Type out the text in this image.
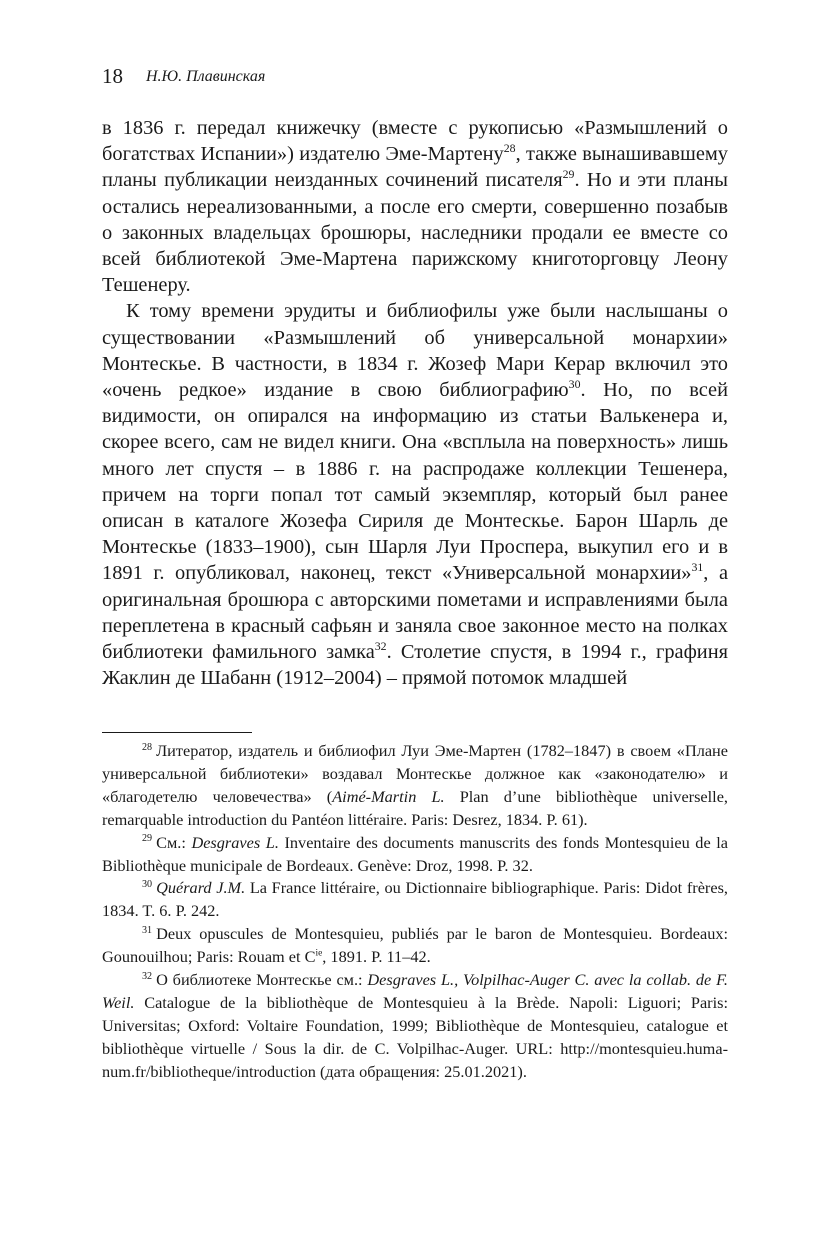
18 Н.Ю. Плавинская

в 1836 г. передал книжечку (вместе с рукописью «Размышлений о богатствах Испании») издателю Эме-Мартену$^{28}$, также вынашивавшему планы публикации неизданных сочинений писателя$^{29}$. Но и эти планы остались нереализованными, а после его смерти, совершенно позабыв о законных владельцах брошюры, наследники продали ее вместе со всей библиотекой Эме-Мартена парижскому книготорговцу Леону Тешенеру.

К тому времени эрудиты и библиофилы уже были наслышаны о существовании «Размышлений об универсальной монархии» Монтескье. В частности, в 1834 г. Жозеф Мари Керар включил это «очень редкое» издание в свою библиографию$^{30}$. Но, по всей видимости, он опирался на информацию из статьи Валькенера и, скорее всего, сам не видел книги. Она «всплыла на поверхность» лишь много лет спустя – в 1886 г. на распродаже коллекции Тешенера, причем на торги попал тот самый экземпляр, который был ранее описан в каталоге Жозефа Сириля де Монтескье. Барон Шарль де Монтескье (1833–1900), сын Шарля Луи Проспера, выкупил его и в 1891 г. опубликовал, наконец, текст «Универсальной монархии»$^{31}$, а оригинальная брошюра с авторскими пометами и исправлениями была переплетена в красный сафьян и заняла свое законное место на полках библиотеки фамильного замка$^{32}$. Столетие спустя, в 1994 г., графиня Жаклин де Шабанн (1912–2004) – прямой потомок младшей

$^{28}$ Литератор, издатель и библиофил Луи Эме-Мартен (1782–1847) в своем «Плане универсальной библиотеки» воздавал Монтескье должное как «законодателю» и «благодетелю человечества» (Aimé-Martin L. Plan d’une bibliothèque universelle, remarquable introduction du Pantéon littéraire. Paris: Desrez, 1834. P. 61).

$^{29}$ См.: Desgraves L. Inventaire des documents manuscrits des fonds Montesquieu de la Bibliothèque municipale de Bordeaux. Genève: Droz, 1998. P. 32.

$^{30}$ Quérard J.M. La France littéraire, ou Dictionnaire bibliographique. Paris: Didot frères, 1834. T. 6. P. 242.

$^{31}$ Deux opuscules de Montesquieu, publiés par le baron de Montesquieu. Bordeaux: Gounouilhou; Paris: Rouam et $C^{ie}$, 1891. P. 11–42.

$^{32}$ О библиотеке Монтескье см.: Desgraves L., Volpilhac-Auger C. avec la collab. de F. Weil. Catalogue de la bibliothèque de Montesquieu à la Brède. Napoli: Liguori; Paris: Universitas; Oxford: Voltaire Foundation, 1999; Bibliothèque de Montesquieu, catalogue et bibliothèque virtuelle / Sous la dir. de C. Volpilhac-Auger. URL: http://montesquieu.huma-num.fr/bibliotheque/introduction (дата обращения: 25.01.2021).
